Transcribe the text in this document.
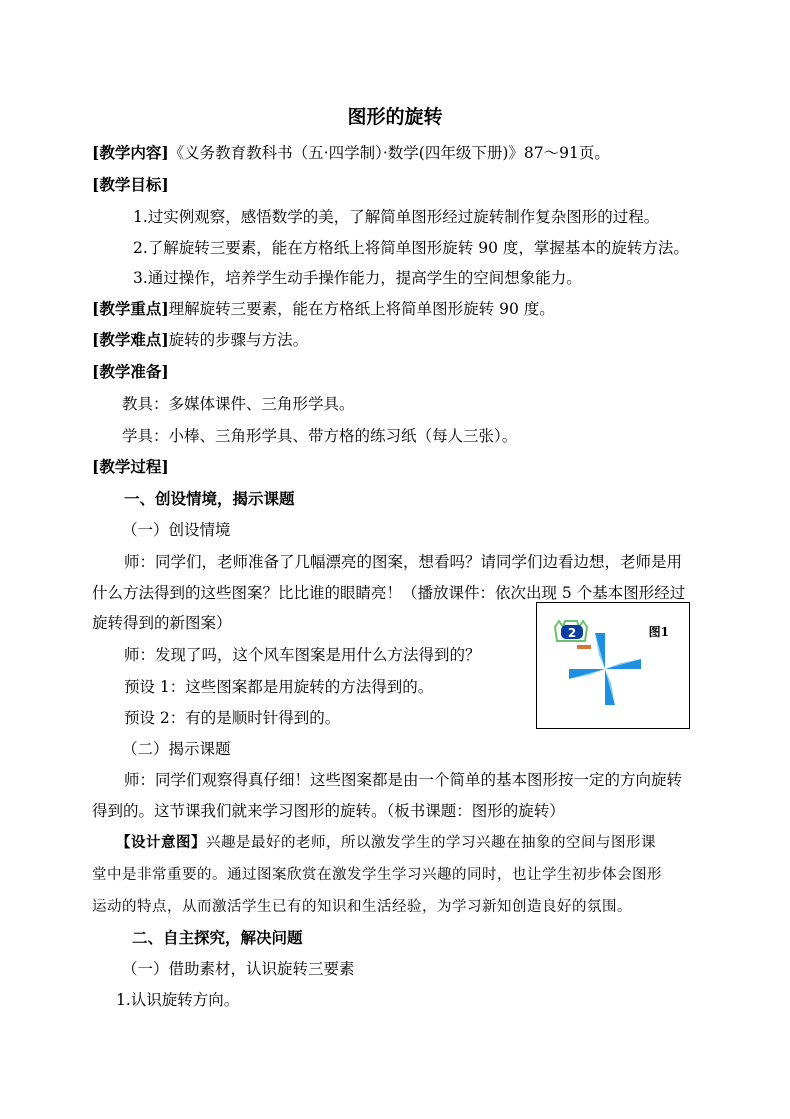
图形的旋转
[教学内容]《义务教育教科书（五·四学制）·数学(四年级下册)》87～91页。
[教学目标]
1.过实例观察，感悟数学的美，了解简单图形经过旋转制作复杂图形的过程。
2.了解旋转三要素，能在方格纸上将简单图形旋转 90 度，掌握基本的旋转方法。
3.通过操作，培养学生动手操作能力，提高学生的空间想象能力。
[教学重点]理解旋转三要素，能在方格纸上将简单图形旋转 90 度。
[教学难点]旋转的步骤与方法。
[教学准备]
教具：多媒体课件、三角形学具。
学具：小棒、三角形学具、带方格的练习纸（每人三张）。
[教学过程]
一、创设情境，揭示课题
（一）创设情境
师：同学们，老师准备了几幅漂亮的图案，想看吗？请同学们边看边想，老师是用
什么方法得到的这些图案？比比谁的眼睛亮！（播放课件：依次出现 5 个基本图形经过
旋转得到的新图案）
师：发现了吗，这个风车图案是用什么方法得到的？
预设 1：这些图案都是用旋转的方法得到的。
预设 2：有的是顺时针得到的。
（二）揭示课题
师：同学们观察得真仔细！这些图案都是由一个简单的基本图形按一定的方向旋转
得到的。这节课我们就来学习图形的旋转。（板书课题：图形的旋转）
【设计意图】兴趣是最好的老师，所以激发学生的学习兴趣在抽象的空间与图形课
堂中是非常重要的。通过图案欣赏在激发学生学习兴趣的同时，也让学生初步体会图形
运动的特点，从而激活学生已有的知识和生活经验，为学习新知创造良好的氛围。
二、自主探究，解决问题
（一）借助素材，认识旋转三要素
1.认识旋转方向。
图1
2
